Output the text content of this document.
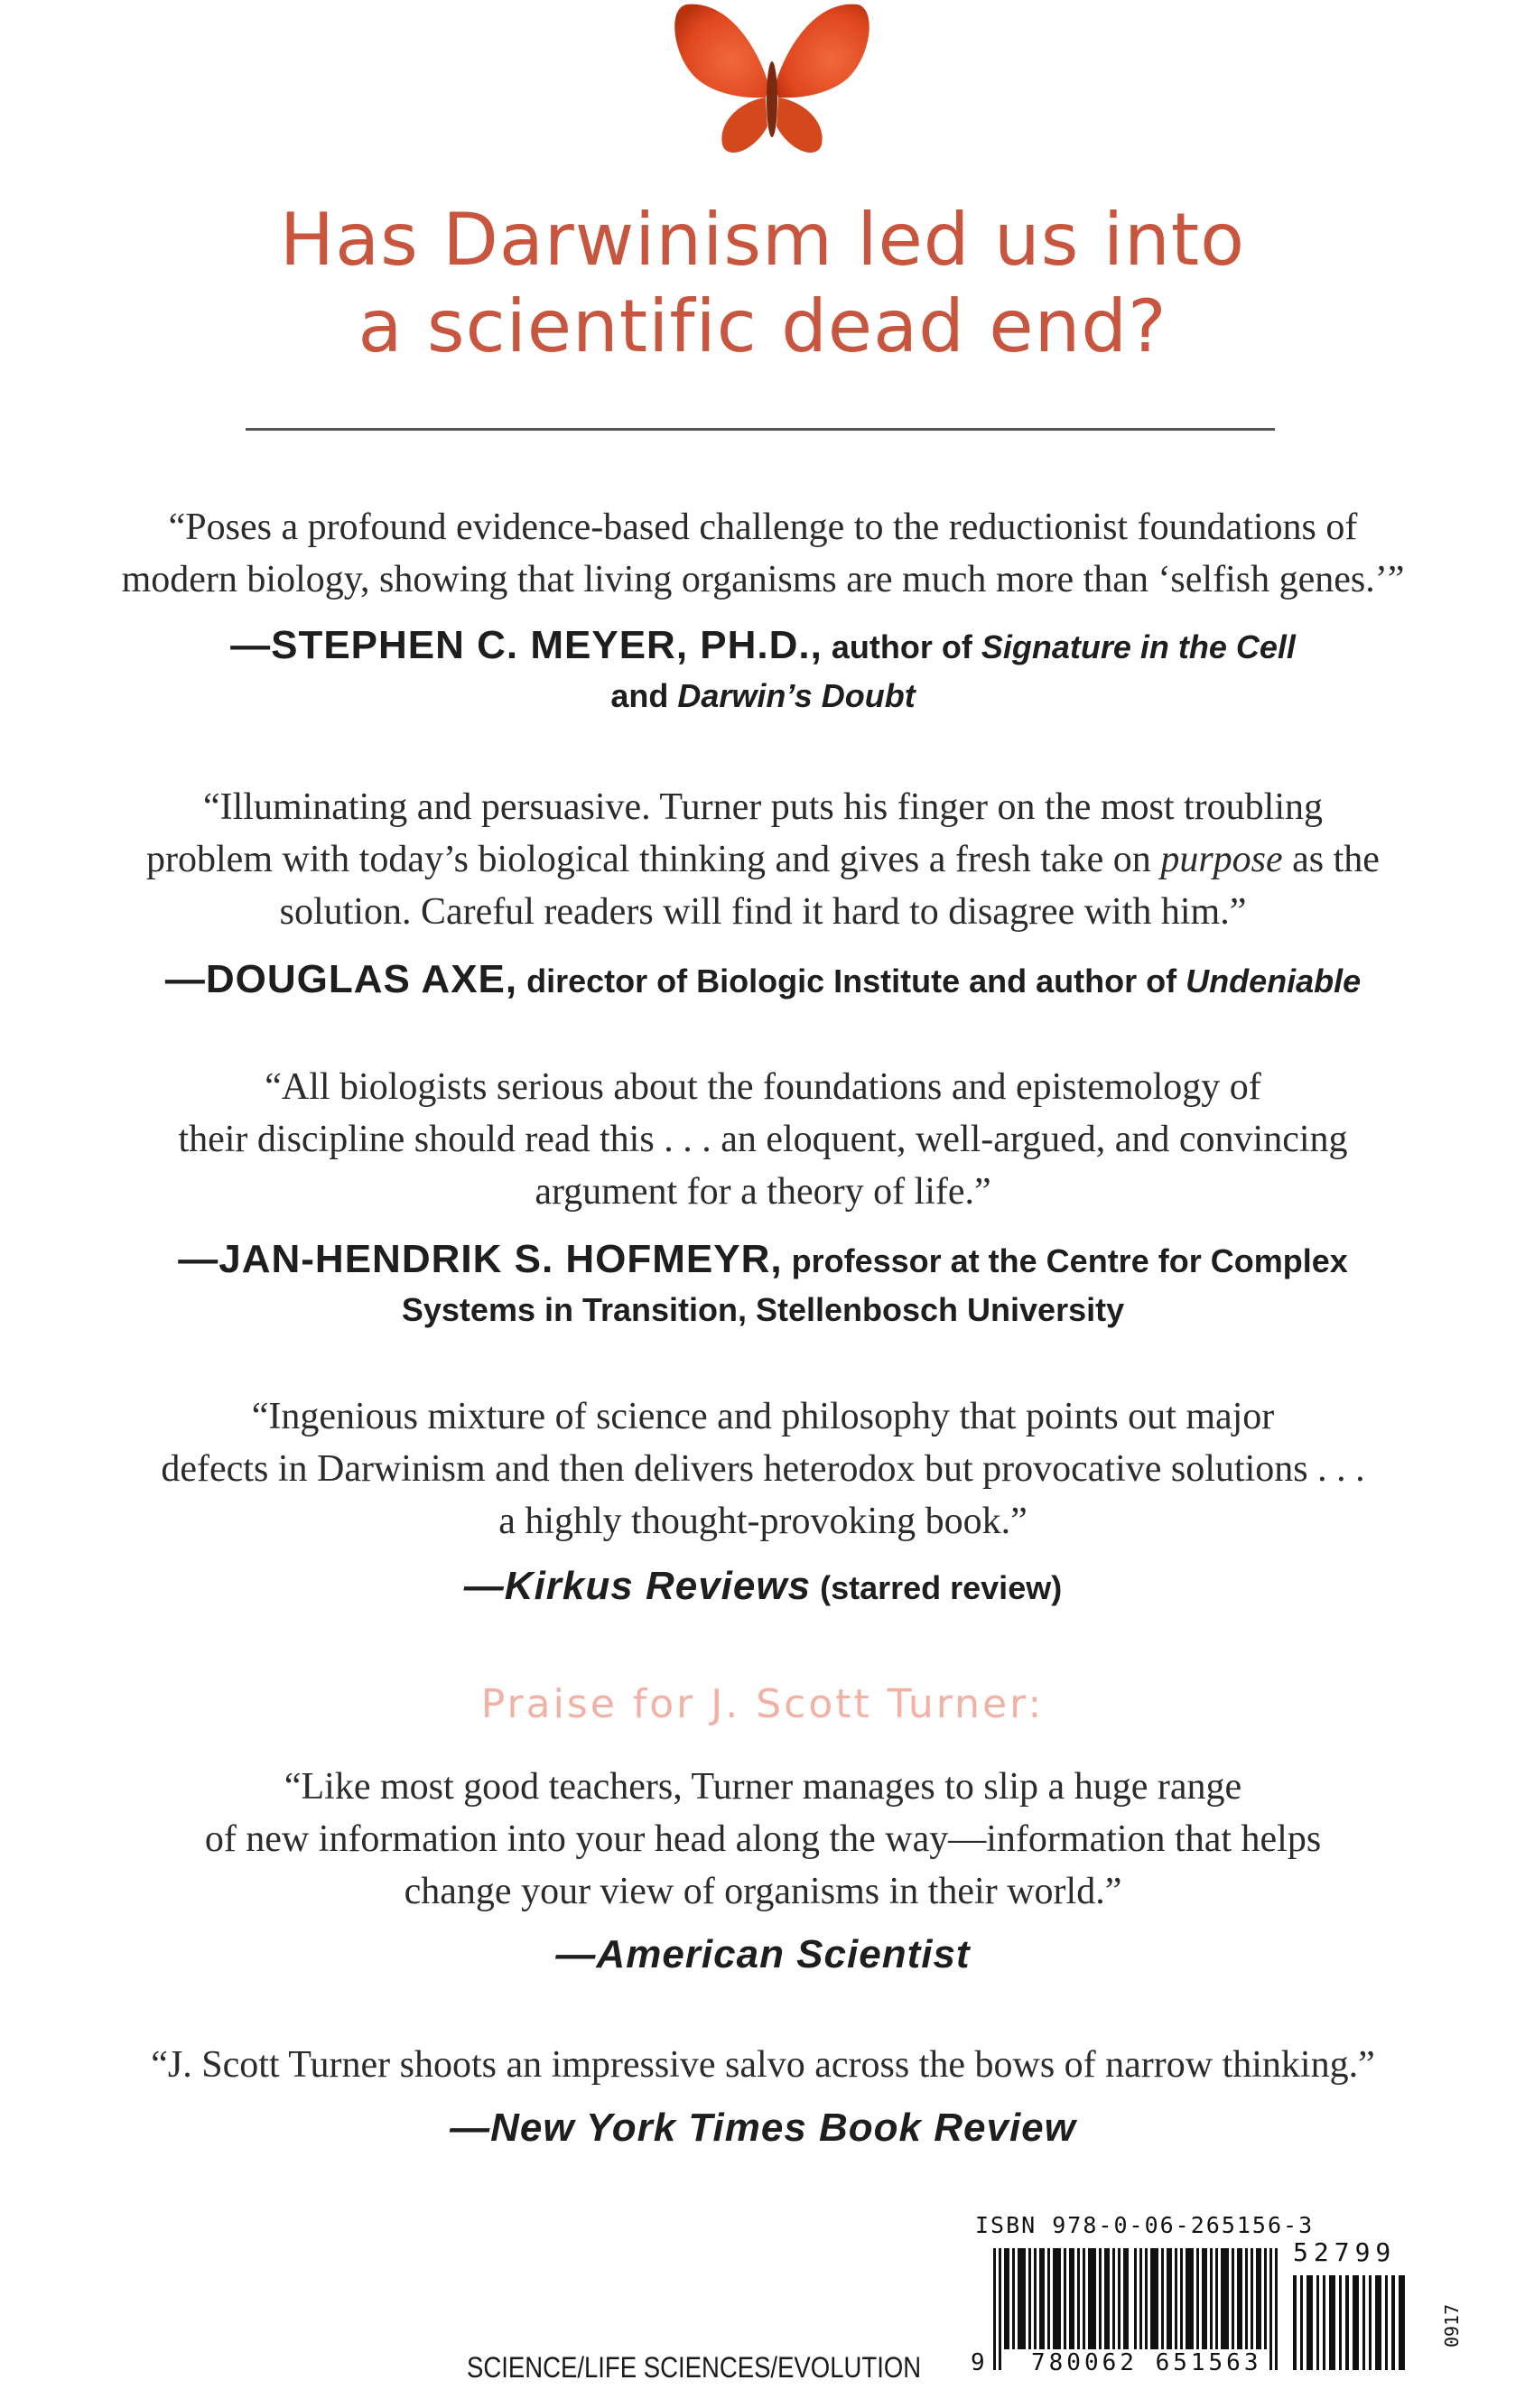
Has Darwinism led us into
a scientific dead end?
“Poses a profound evidence-based challenge to the reductionist foundations of
modern biology, showing that living organisms are much more than ‘selfish genes.’”
—STEPHEN C. MEYER, PH.D., author of Signature in the Cell
and Darwin’s Doubt
“Illuminating and persuasive. Turner puts his finger on the most troubling
problem with today’s biological thinking and gives a fresh take on purpose as the
solution. Careful readers will find it hard to disagree with him.”
—DOUGLAS AXE, director of Biologic Institute and author of Undeniable
“All biologists serious about the foundations and epistemology of
their discipline should read this . . . an eloquent, well-argued, and convincing
argument for a theory of life.”
—JAN-HENDRIK S. HOFMEYR, professor at the Centre for Complex
Systems in Transition, Stellenbosch University
“Ingenious mixture of science and philosophy that points out major
defects in Darwinism and then delivers heterodox but provocative solutions . . .
a highly thought-provoking book.”
—Kirkus Reviews (starred review)
Praise for J. Scott Turner:
“Like most good teachers, Turner manages to slip a huge range
of new information into your head along the way—information that helps
change your view of organisms in their world.”
—American Scientist
“J. Scott Turner shoots an impressive salvo across the bows of narrow thinking.”
—New York Times Book Review
ISBN 978-0-06-265156-3
52799
9 780062 651563
0917
SCIENCE/LIFE SCIENCES/EVOLUTION
